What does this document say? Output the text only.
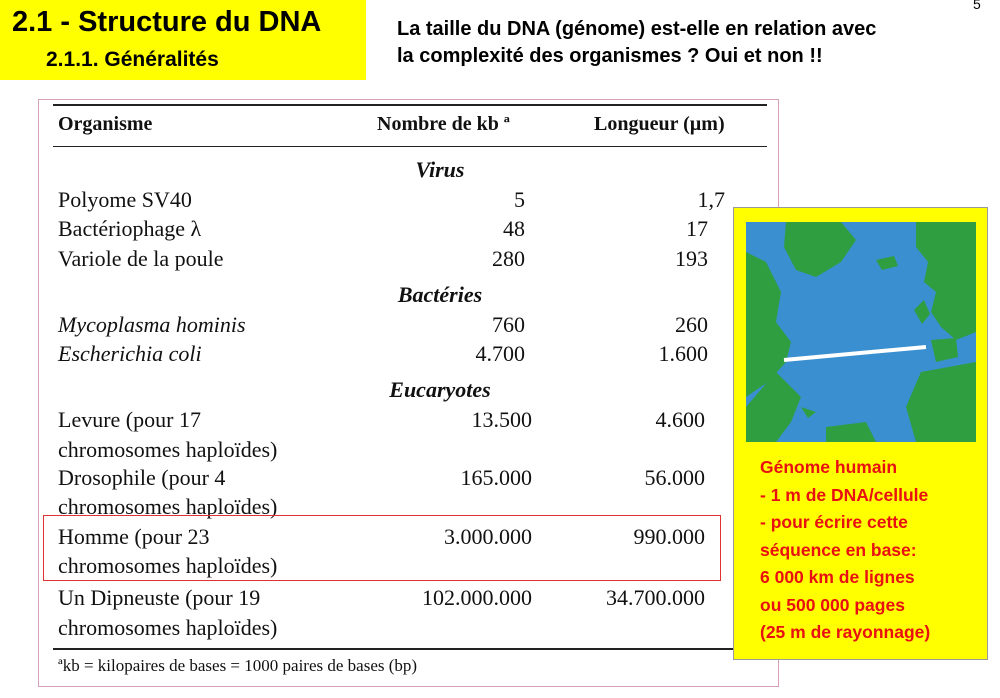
2.1 - Structure du DNA
2.1.1. Généralités
La taille du DNA (génome) est-elle en relation avec
la complexité des organismes ? Oui et non !!
5
Organisme	Nombre de kb ª	Longueur (µm)
Virus
Polyome SV40	5	1,7
Bactériophage λ	48	17
Variole de la poule	280	193
Bactéries
Mycoplasma hominis	760	260
Escherichia coli	4.700	1.600
Eucaryotes
Levure (pour 17
chromosomes haploïdes)
13.500	4.600
Drosophile (pour 4
chromosomes haploïdes)
165.000	56.000
Homme (pour 23
chromosomes haploïdes)
3.000.000	990.000
Un Dipneuste (pour 19
chromosomes haploïdes)
102.000.000	34.700.000
ªkb = kilopaires de bases = 1000 paires de bases (bp)
Génome humain
- 1 m de DNA/cellule
- pour écrire cette
séquence en base:
6 000 km de lignes
ou 500 000 pages
(25 m de rayonnage)
